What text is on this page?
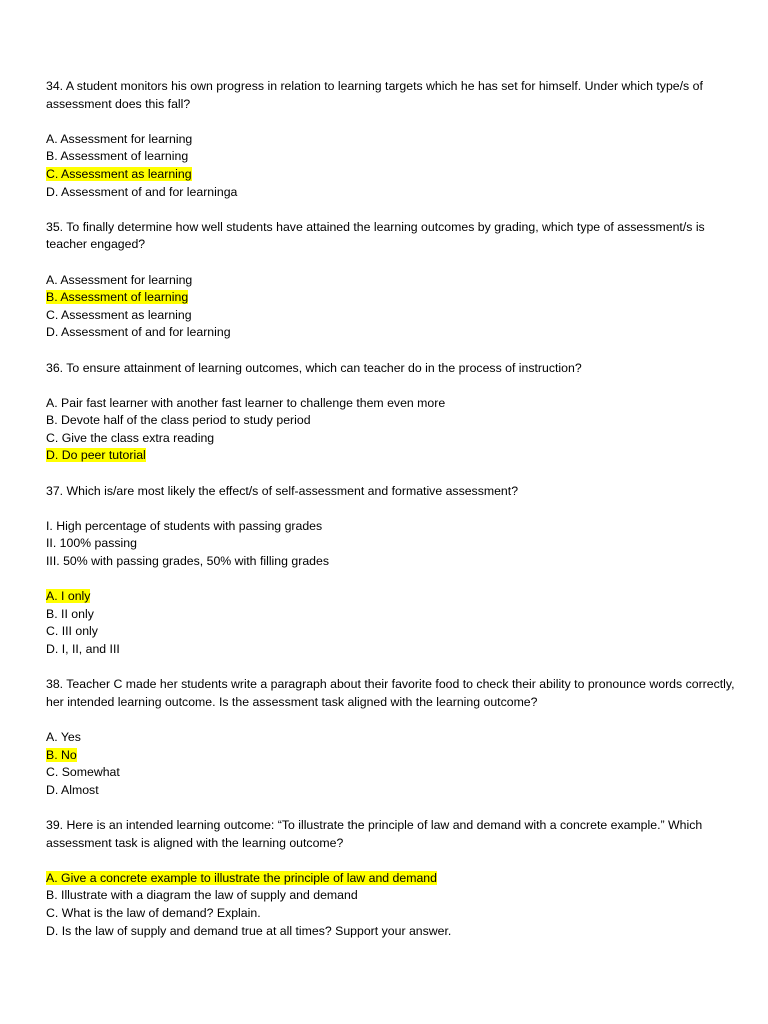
34. A student monitors his own progress in relation to learning targets which he has set for himself. Under which type/s of assessment does this fall?

A. Assessment for learning

B. Assessment of learning

C. Assessment as learning

D. Assessment of and for learninga

35. To finally determine how well students have attained the learning outcomes by grading, which type of assessment/s is teacher engaged?

A. Assessment for learning

B. Assessment of learning

C. Assessment as learning

D. Assessment of and for learning

36. To ensure attainment of learning outcomes, which can teacher do in the process of instruction?

A. Pair fast learner with another fast learner to challenge them even more

B. Devote half of the class period to study period

C. Give the class extra reading

D. Do peer tutorial

37. Which is/are most likely the effect/s of self-assessment and formative assessment?

I. High percentage of students with passing grades

II. 100% passing

III. 50% with passing grades, 50% with filling grades

A. I only

B. II only

C. III only

D. I, II, and III

38. Teacher C made her students write a paragraph about their favorite food to check their ability to pronounce words correctly, her intended learning outcome. Is the assessment task aligned with the learning outcome?

A. Yes

B. No

C. Somewhat

D. Almost

39. Here is an intended learning outcome: “To illustrate the principle of law and demand with a concrete example.” Which assessment task is aligned with the learning outcome?

A. Give a concrete example to illustrate the principle of law and demand

B. Illustrate with a diagram the law of supply and demand

C. What is the law of demand? Explain.

D. Is the law of supply and demand true at all times? Support your answer.
